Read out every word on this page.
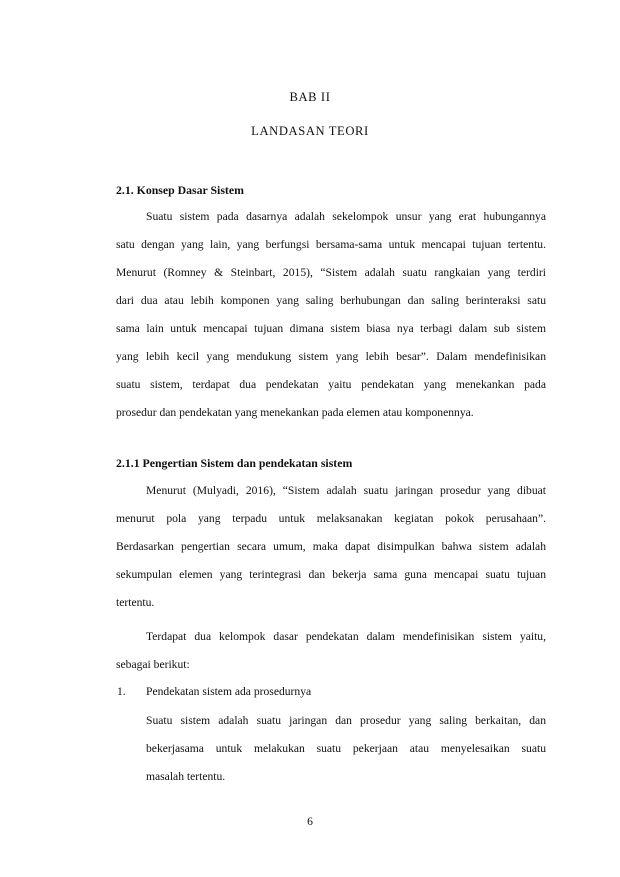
BAB II
LANDASAN TEORI
2.1. Konsep Dasar Sistem
Suatu sistem pada dasarnya adalah sekelompok unsur yang erat hubungannya
satu dengan yang lain, yang berfungsi bersama-sama untuk mencapai tujuan tertentu.
Menurut (Romney & Steinbart, 2015), “Sistem adalah suatu rangkaian yang terdiri
dari dua atau lebih komponen yang saling berhubungan dan saling berinteraksi satu
sama lain untuk mencapai tujuan dimana sistem biasa nya terbagi dalam sub sistem
yang lebih kecil yang mendukung sistem yang lebih besar”. Dalam mendefinisikan
suatu sistem, terdapat dua pendekatan yaitu pendekatan yang menekankan pada
prosedur dan pendekatan yang menekankan pada elemen atau komponennya.
2.1.1 Pengertian Sistem dan pendekatan sistem
Menurut (Mulyadi, 2016), “Sistem adalah suatu jaringan prosedur yang dibuat
menurut pola yang terpadu untuk melaksanakan kegiatan pokok perusahaan”.
Berdasarkan pengertian secara umum, maka dapat disimpulkan bahwa sistem adalah
sekumpulan elemen yang terintegrasi dan bekerja sama guna mencapai suatu tujuan
tertentu.
Terdapat dua kelompok dasar pendekatan dalam mendefinisikan sistem yaitu,
sebagai berikut:
1. Pendekatan sistem ada prosedurnya
Suatu sistem adalah suatu jaringan dan prosedur yang saling berkaitan, dan
bekerjasama untuk melakukan suatu pekerjaan atau menyelesaikan suatu
masalah tertentu.
6
